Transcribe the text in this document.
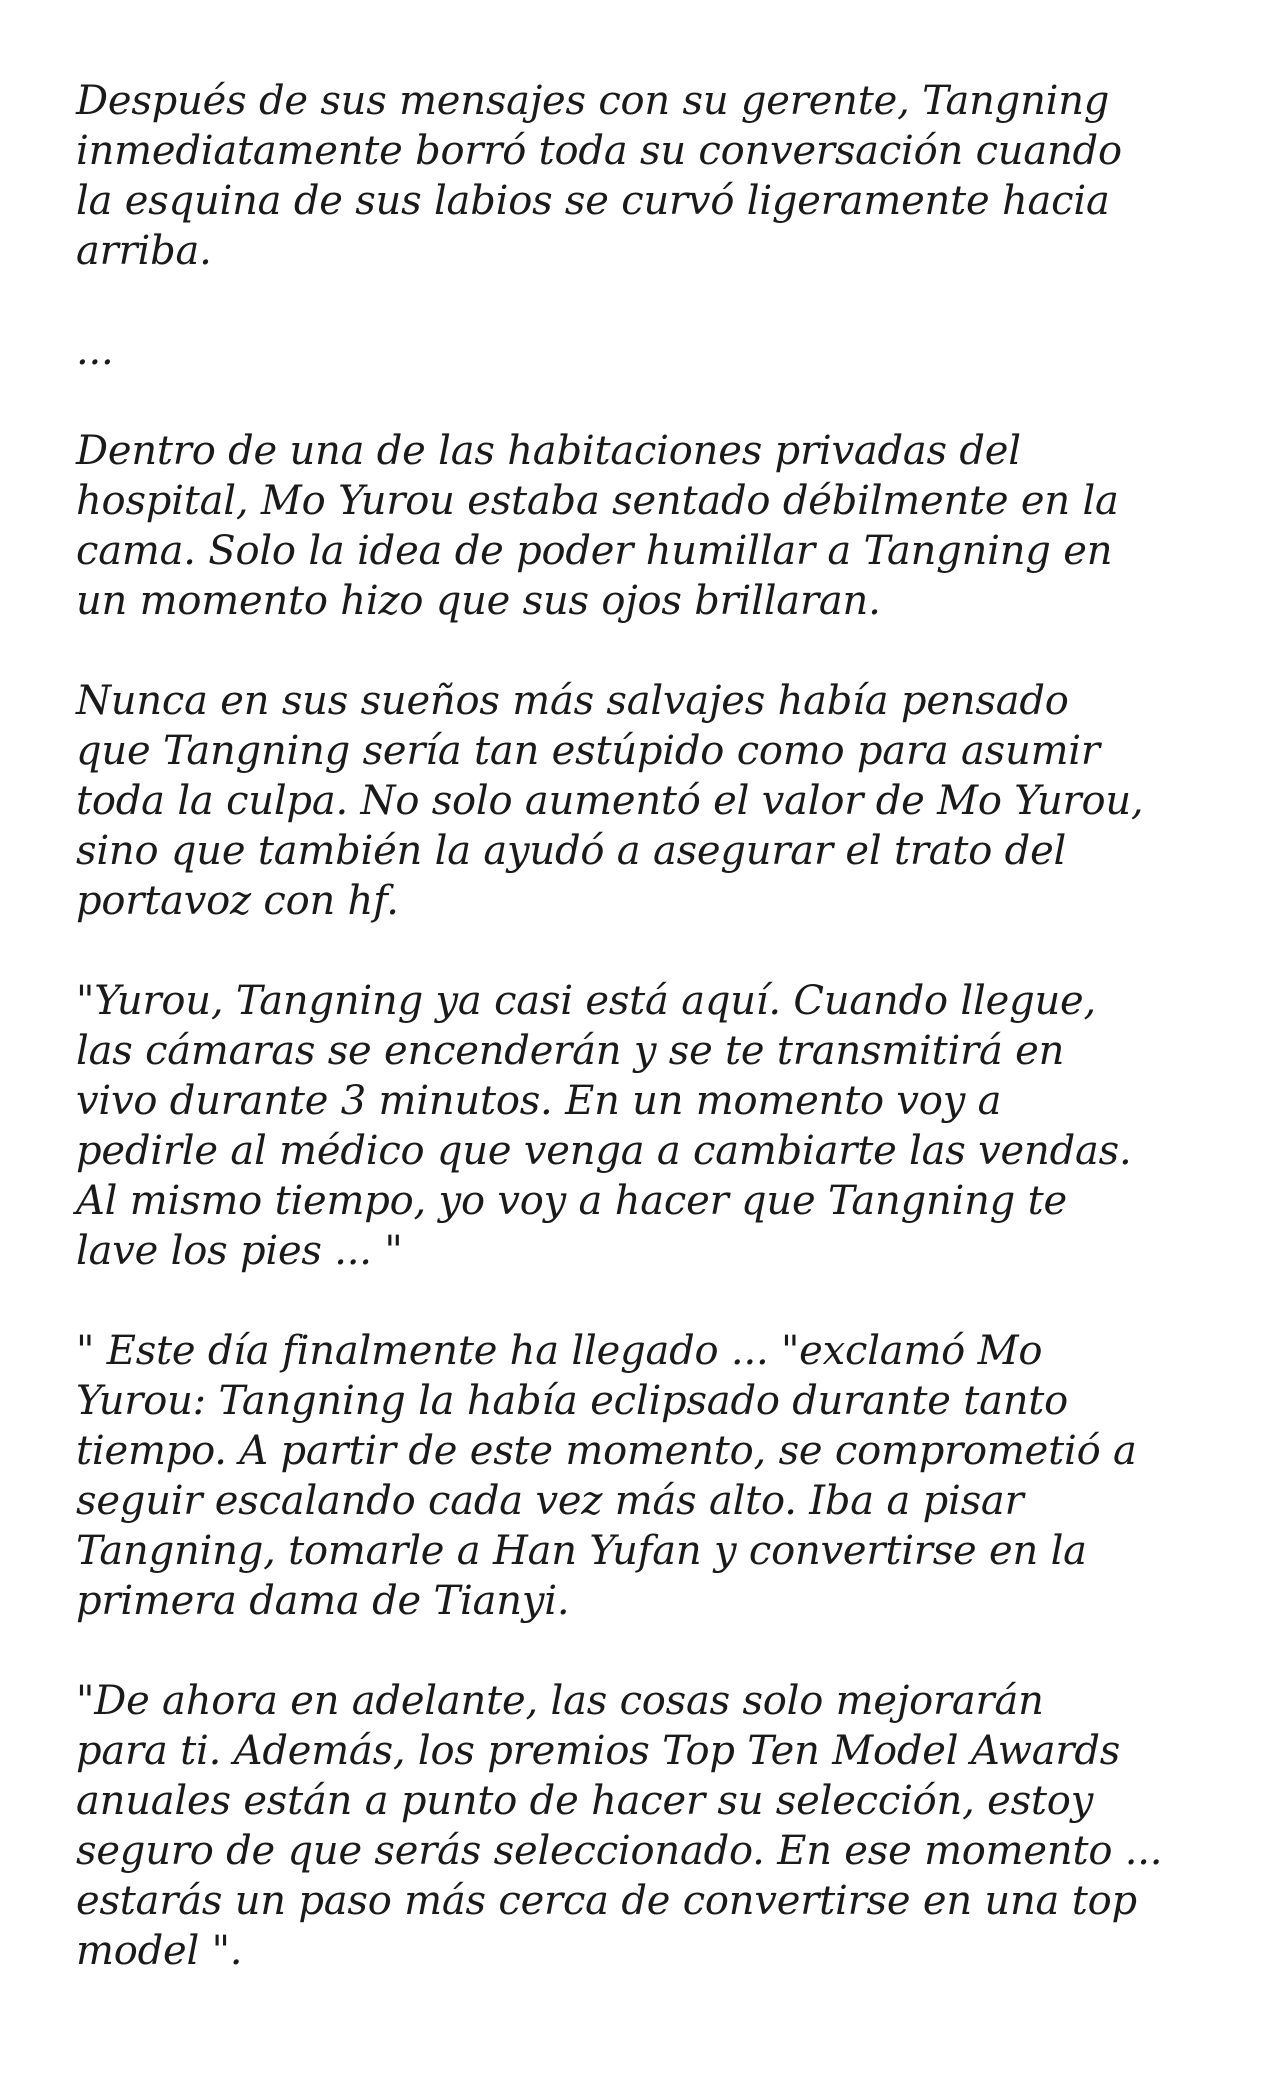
Después de sus mensajes con su gerente, Tangning
inmediatamente borró toda su conversación cuando
la esquina de sus labios se curvó ligeramente hacia
arriba.

...

Dentro de una de las habitaciones privadas del
hospital, Mo Yurou estaba sentado débilmente en la
cama. Solo la idea de poder humillar a Tangning en
un momento hizo que sus ojos brillaran.

Nunca en sus sueños más salvajes había pensado
que Tangning sería tan estúpido como para asumir
toda la culpa. No solo aumentó el valor de Mo Yurou,
sino que también la ayudó a asegurar el trato del
portavoz con hf.

"Yurou, Tangning ya casi está aquí. Cuando llegue,
las cámaras se encenderán y se te transmitirá en
vivo durante 3 minutos. En un momento voy a
pedirle al médico que venga a cambiarte las vendas.
Al mismo tiempo, yo voy a hacer que Tangning te
lave los pies ... "

" Este día finalmente ha llegado ... "exclamó Mo
Yurou: Tangning la había eclipsado durante tanto
tiempo. A partir de este momento, se comprometió a
seguir escalando cada vez más alto. Iba a pisar
Tangning, tomarle a Han Yufan y convertirse en la
primera dama de Tianyi.

"De ahora en adelante, las cosas solo mejorarán
para ti. Además, los premios Top Ten Model Awards
anuales están a punto de hacer su selección, estoy
seguro de que serás seleccionado. En ese momento ...
estarás un paso más cerca de convertirse en una top
model ".
